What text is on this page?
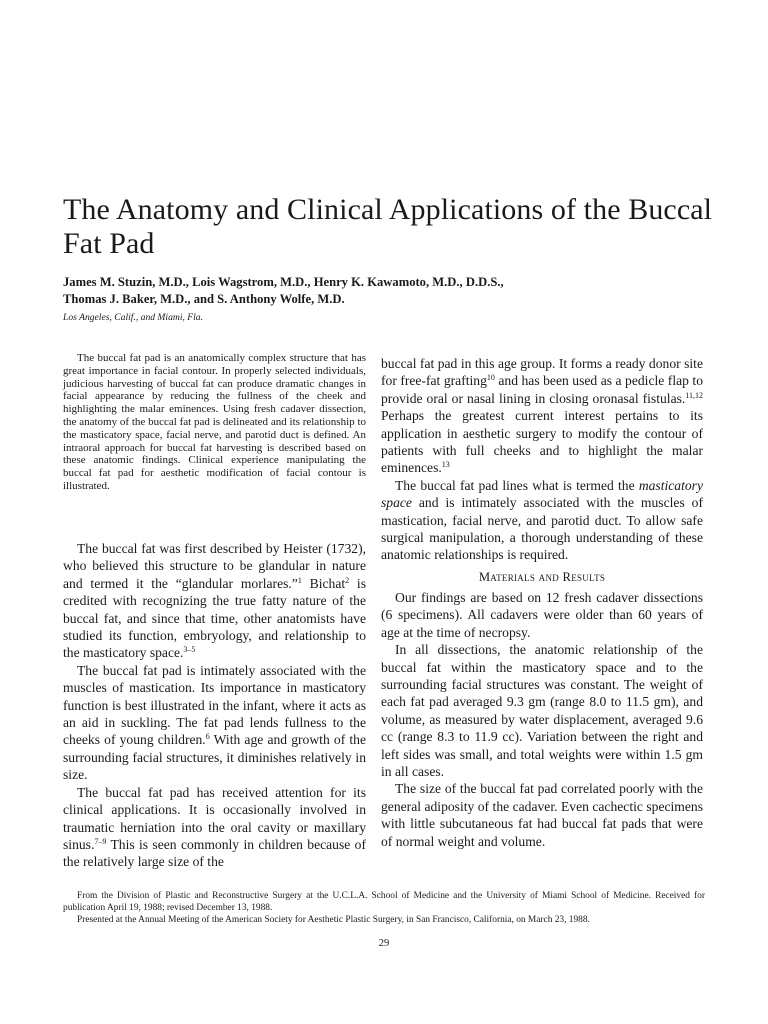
The Anatomy and Clinical Applications of the Buccal Fat Pad
James M. Stuzin, M.D., Lois Wagstrom, M.D., Henry K. Kawamoto, M.D., D.D.S.,
Thomas J. Baker, M.D., and S. Anthony Wolfe, M.D.

Los Angeles, Calif., and Miami, Fla.

The buccal fat pad is an anatomically complex structure that has great importance in facial contour. In properly selected individuals, judicious harvesting of buccal fat can produce dramatic changes in facial appearance by reducing the fullness of the cheek and highlighting the malar eminences. Using fresh cadaver dissection, the anatomy of the buccal fat pad is delineated and its relationship to the masticatory space, facial nerve, and parotid duct is defined. An intraoral approach for buccal fat harvesting is described based on these anatomic findings. Clinical experience manipulating the buccal fat pad for aesthetic modification of facial contour is illustrated.

The buccal fat was first described by Heister (1732), who believed this structure to be glandular in nature and termed it the “glandular morlares.”$^1$ Bichat$^2$ is credited with recognizing the true fatty nature of the buccal fat, and since that time, other anatomists have studied its function, embryology, and relationship to the masticatory space.$^{3-5}$

The buccal fat pad is intimately associated with the muscles of mastication. Its importance in masticatory function is best illustrated in the infant, where it acts as an aid in suckling. The fat pad lends fullness to the cheeks of young children.$^6$ With age and growth of the surrounding facial structures, it diminishes relatively in size.

The buccal fat pad has received attention for its clinical applications. It is occasionally involved in traumatic herniation into the oral cavity or maxillary sinus.$^{7-9}$ This is seen commonly in children because of the relatively large size of the

buccal fat pad in this age group. It forms a ready donor site for free-fat grafting$^{10}$ and has been used as a pedicle flap to provide oral or nasal lining in closing oronasal fistulas.$^{11,12}$ Perhaps the greatest current interest pertains to its application in aesthetic surgery to modify the contour of patients with full cheeks and to highlight the malar eminences.$^{13}$

The buccal fat pad lines what is termed the masticatory space and is intimately associated with the muscles of mastication, facial nerve, and parotid duct. To allow safe surgical manipulation, a thorough understanding of these anatomic relationships is required.

Materials and Results

Our findings are based on 12 fresh cadaver dissections (6 specimens). All cadavers were older than 60 years of age at the time of necropsy.

In all dissections, the anatomic relationship of the buccal fat within the masticatory space and to the surrounding facial structures was constant. The weight of each fat pad averaged 9.3 gm (range 8.0 to 11.5 gm), and volume, as measured by water displacement, averaged 9.6 cc (range 8.3 to 11.9 cc). Variation between the right and left sides was small, and total weights were within 1.5 gm in all cases.

The size of the buccal fat pad correlated poorly with the general adiposity of the cadaver. Even cachectic specimens with little subcutaneous fat had buccal fat pads that were of normal weight and volume.

From the Division of Plastic and Reconstructive Surgery at the U.C.L.A. School of Medicine and the University of Miami School of Medicine. Received for publication April 19, 1988; revised December 13, 1988.

Presented at the Annual Meeting of the American Society for Aesthetic Plastic Surgery, in San Francisco, California, on March 23, 1988.

29
